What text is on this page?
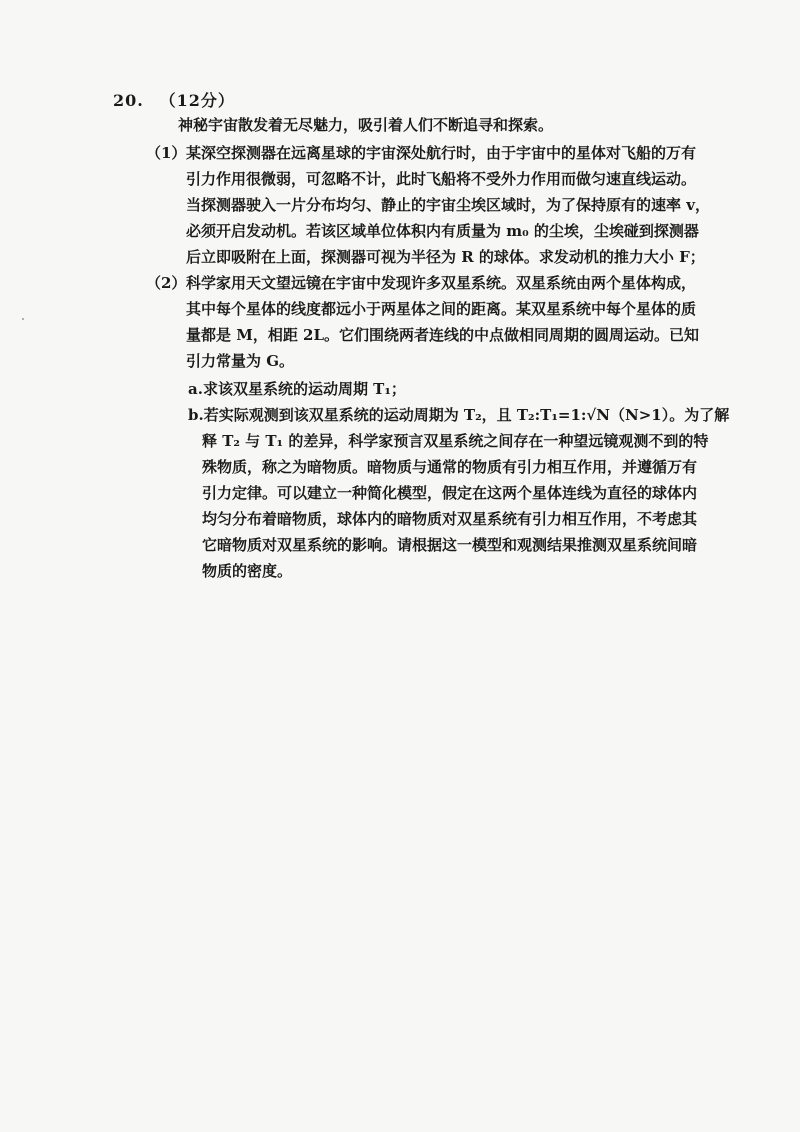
20. （12分）
神秘宇宙散发着无尽魅力，吸引着人们不断追寻和探索。
（1） 某深空探测器在远离星球的宇宙深处航行时，由于宇宙中的星体对飞船的万有
引力作用很微弱，可忽略不计，此时飞船将不受外力作用而做匀速直线运动。
当探测器驶入一片分布均匀、静止的宇宙尘埃区域时，为了保持原有的速率 v，
必须开启发动机。若该区域单位体积内有质量为 m₀ 的尘埃，尘埃碰到探测器
后立即吸附在上面，探测器可视为半径为 R 的球体。求发动机的推力大小 F；
（2） 科学家用天文望远镜在宇宙中发现许多双星系统。双星系统由两个星体构成，
其中每个星体的线度都远小于两星体之间的距离。某双星系统中每个星体的质
量都是 M，相距 2L。它们围绕两者连线的中点做相同周期的圆周运动。已知
引力常量为 G。
a.求该双星系统的运动周期 T₁；
b.若实际观测到该双星系统的运动周期为 T₂，且 T₂:T₁=1:√N（N>1）。为了解
释 T₂ 与 T₁ 的差异，科学家预言双星系统之间存在一种望远镜观测不到的特
殊物质，称之为暗物质。暗物质与通常的物质有引力相互作用，并遵循万有
引力定律。可以建立一种简化模型，假定在这两个星体连线为直径的球体内
均匀分布着暗物质，球体内的暗物质对双星系统有引力相互作用，不考虑其
它暗物质对双星系统的影响。请根据这一模型和观测结果推测双星系统间暗
物质的密度。
